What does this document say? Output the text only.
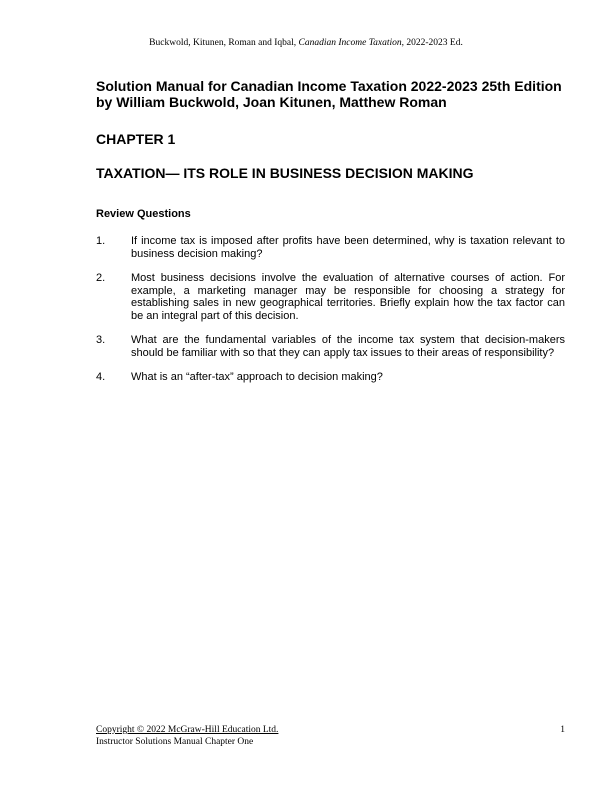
Buckwold, Kitunen, Roman and Iqbal, Canadian Income Taxation, 2022-2023 Ed.
Solution Manual for Canadian Income Taxation 2022-2023 25th Edition
by William Buckwold, Joan Kitunen, Matthew Roman
CHAPTER 1
TAXATION— ITS ROLE IN BUSINESS DECISION MAKING
Review Questions
1.	If income tax is imposed after profits have been determined, why is taxation relevant to business decision making?
2.	Most business decisions involve the evaluation of alternative courses of action. For example, a marketing manager may be responsible for choosing a strategy for establishing sales in new geographical territories. Briefly explain how the tax factor can be an integral part of this decision.
3.	What are the fundamental variables of the income tax system that decision-makers should be familiar with so that they can apply tax issues to their areas of responsibility?
4.	What is an “after-tax” approach to decision making?
Copyright © 2022 McGraw-Hill Education Ltd.
Instructor Solutions Manual Chapter One
1
